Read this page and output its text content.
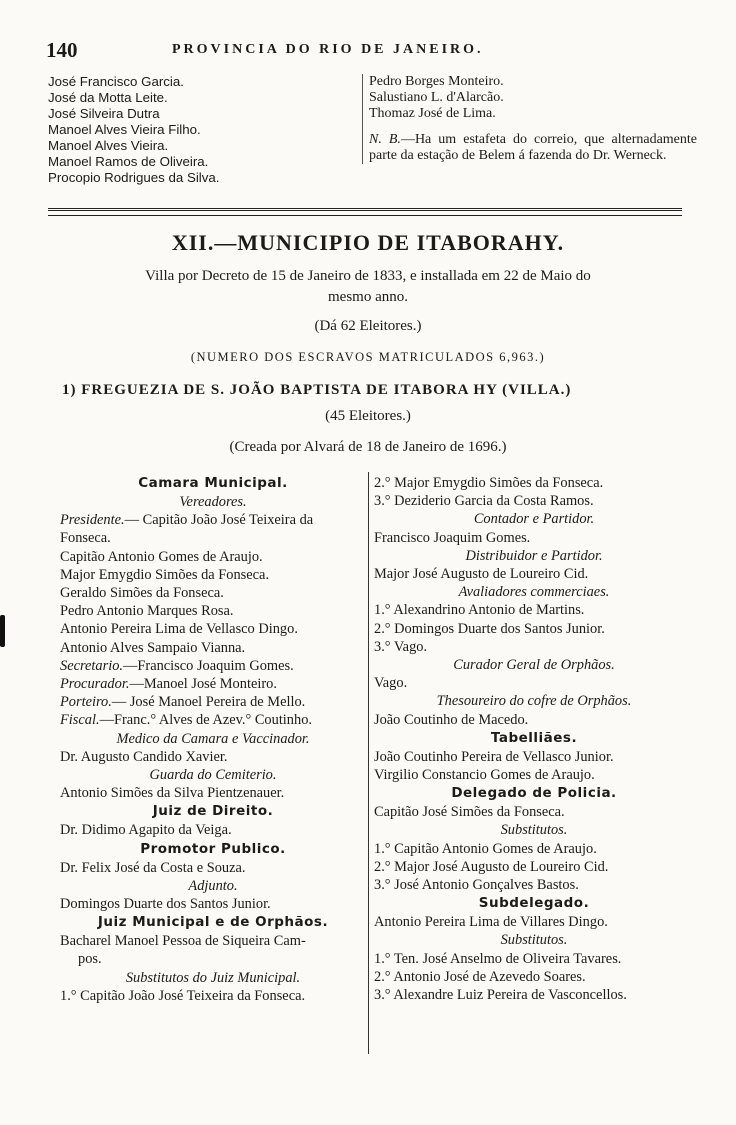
140	PROVINCIA DO RIO DE JANEIRO.
José Francisco Garcia.
José da Motta Leite.
José Silveira Dutra
Manoel Alves Vieira Filho.
Manoel Alves Vieira.
Manoel Ramos de Oliveira.
Procopio Rodrigues da Silva.
Pedro Borges Monteiro.
Salustiano L. d'Alarcão.
Thomaz José de Lima.
N. B.—Ha um estafeta do correio, que alternadamente parte da estação de Belem á fazenda do Dr. Werneck.
XII.—MUNICIPIO DE ITABORAHY.
Villa por Decreto de 15 de Janeiro de 1833, e installada em 22 de Maio do
mesmo anno.
(Dá 62 Eleitores.)
(NUMERO DOS ESCRAVOS MATRICULADOS 6,963.)
1) FREGUEZIA DE S. JOÃO BAPTISTA DE ITABORA HY (VILLA.)
(45 Eleitores.)
(Creada por Alvará de 18 de Janeiro de 1696.)
Camara Municipal.
Vereadores.
Presidente.— Capitão João José Teixeira da
Fonseca.
Capitão Antonio Gomes de Araujo.
Major Emygdio Simões da Fonseca.
Geraldo Simões da Fonseca.
Pedro Antonio Marques Rosa.
Antonio Pereira Lima de Vellasco Dingo.
Antonio Alves Sampaio Vianna.
Secretario.—Francisco Joaquim Gomes.
Procurador.—Manoel José Monteiro.
Porteiro.— José Manoel Pereira de Mello.
Fiscal.—Franc.° Alves de Azev.° Coutinho.
Medico da Camara e Vaccinador.
Dr. Augusto Candido Xavier.
Guarda do Cemiterio.
Antonio Simões da Silva Pientzenauer.
Juiz de Direito.
Dr. Didimo Agapito da Veiga.
Promotor Publico.
Dr. Felix José da Costa e Souza.
Adjunto.
Domingos Duarte dos Santos Junior.
Juiz Municipal e de Orphãos.
Bacharel Manoel Pessoa de Siqueira Cam-
pos.
Substitutos do Juiz Municipal.
1.° Capitão João José Teixeira da Fonseca.
2.° Major Emygdio Simões da Fonseca.
3.° Deziderio Garcia da Costa Ramos.
Contador e Partidor.
Francisco Joaquim Gomes.
Distribuidor e Partidor.
Major José Augusto de Loureiro Cid.
Avaliadores commerciaes.
1.° Alexandrino Antonio de Martins.
2.° Domingos Duarte dos Santos Junior.
3.° Vago.
Curador Geral de Orphãos.
Vago.
Thesoureiro do cofre de Orphãos.
João Coutinho de Macedo.
Tabelliães.
João Coutinho Pereira de Vellasco Junior.
Virgilio Constancio Gomes de Araujo.
Delegado de Policia.
Capitão José Simões da Fonseca.
Substitutos.
1.° Capitão Antonio Gomes de Araujo.
2.° Major José Augusto de Loureiro Cid.
3.° José Antonio Gonçalves Bastos.
Subdelegado.
Antonio Pereira Lima de Villares Dingo.
Substitutos.
1.° Ten. José Anselmo de Oliveira Tavares.
2.° Antonio José de Azevedo Soares.
3.° Alexandre Luiz Pereira de Vasconcellos.
